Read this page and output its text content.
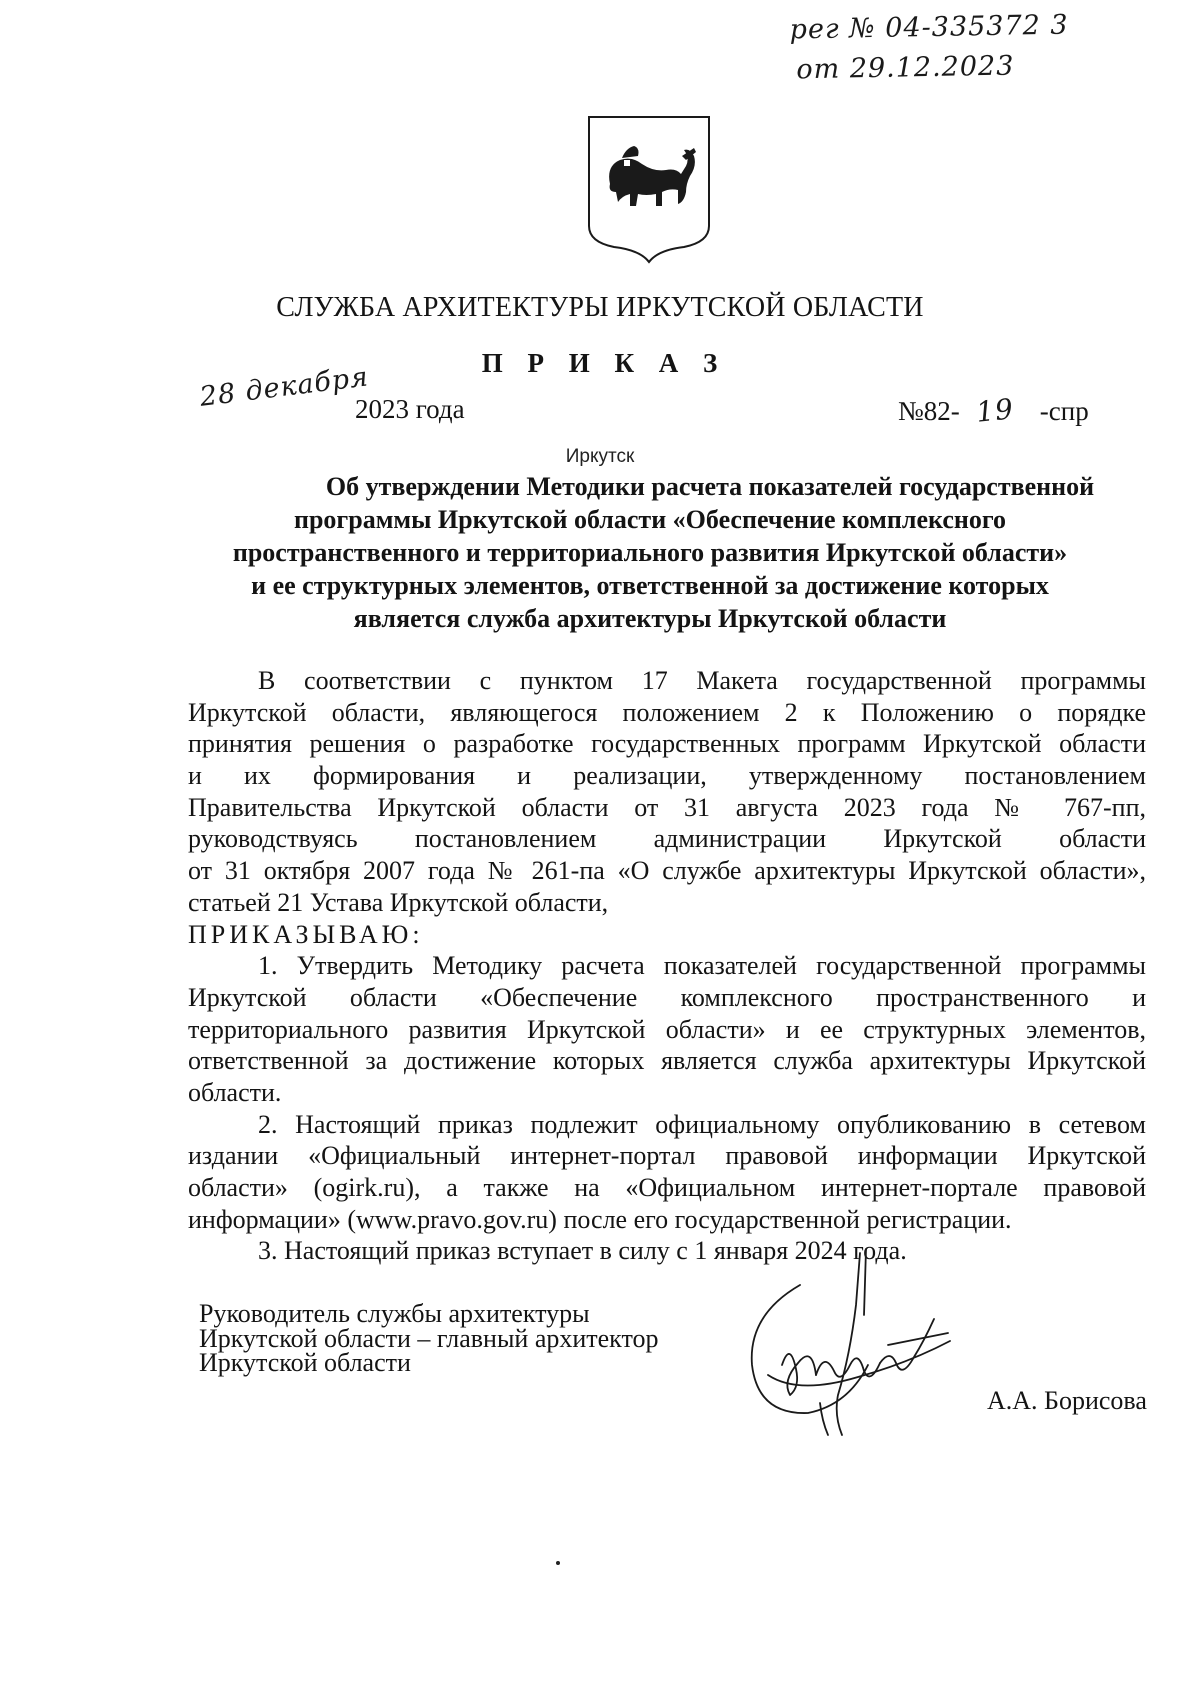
рег № 04-335372 3
от 29.12.2023
СЛУЖБА АРХИТЕКТУРЫ ИРКУТСКОЙ ОБЛАСТИ
П Р И К А З
28 декабря
2023 года	№82- 19 -спр
Иркутск
Об утверждении Методики расчета показателей государственной
программы Иркутской области «Обеспечение комплексного
пространственного и территориального развития Иркутской области»
и ее структурных элементов, ответственной за достижение которых
является служба архитектуры Иркутской области
В соответствии с пунктом 17 Макета государственной программы
Иркутской области, являющегося положением 2 к Положению о порядке
принятия решения о разработке государственных программ Иркутской области
и их формирования и реализации, утвержденному постановлением
Правительства Иркутской области от 31 августа 2023 года № 767-пп,
руководствуясь постановлением администрации Иркутской области
от 31 октября 2007 года № 261-па «О службе архитектуры Иркутской области»,
статьей 21 Устава Иркутской области,
ПРИКАЗЫВАЮ:
1. Утвердить Методику расчета показателей государственной программы
Иркутской области «Обеспечение комплексного пространственного и
территориального развития Иркутской области» и ее структурных элементов,
ответственной за достижение которых является служба архитектуры Иркутской
области.
2. Настоящий приказ подлежит официальному опубликованию в сетевом
издании «Официальный интернет-портал правовой информации Иркутской
области» (ogirk.ru), а также на «Официальном интернет-портале правовой
информации» (www.pravo.gov.ru) после его государственной регистрации.
3. Настоящий приказ вступает в силу с 1 января 2024 года.
Руководитель службы архитектуры
Иркутской области – главный архитектор
Иркутской области
А.А. Борисова
